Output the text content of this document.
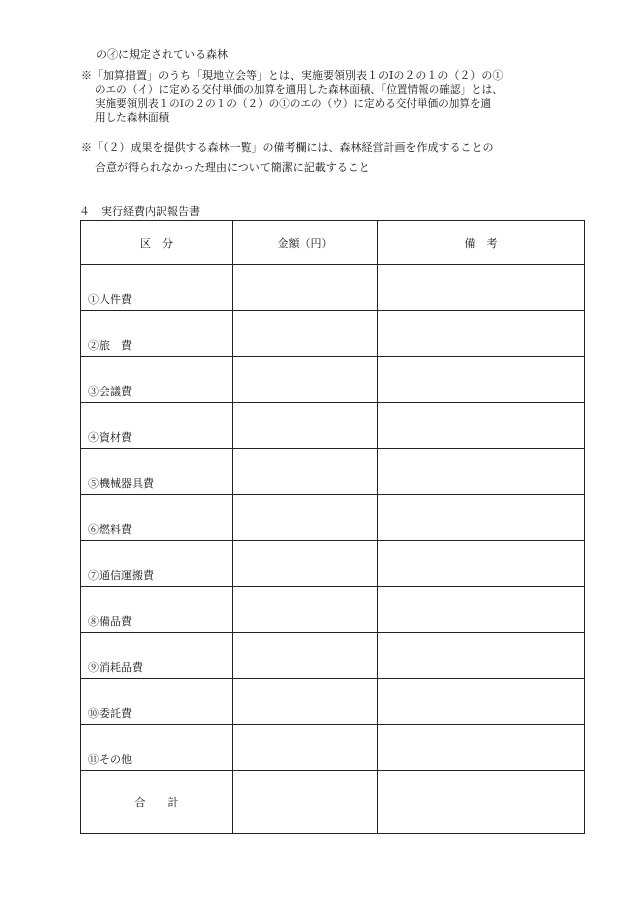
の㋑に規定されている森林
※「加算措置」のうち「現地立会等」とは、実施要領別表１のⅠの２の１の（２）の①
のエの（イ）に定める交付単価の加算を適用した森林面積、「位置情報の確認」とは、
実施要領別表１のⅠの２の１の（２）の①のエの（ウ）に定める交付単価の加算を適
用した森林面積
※「（２）成果を提供する森林一覧」の備考欄には、森林経営計画を作成することの
合意が得られなかった理由について簡潔に記載すること
４　実行経費内訳報告書
区　分	金額（円）	備　考
①人件費		
②旅　費		
③会議費		
④資材費		
⑤機械器具費		
⑥燃料費		
⑦通信運搬費		
⑧備品費		
⑨消耗品費		
⑩委託費		
⑪その他		
合　　計		
